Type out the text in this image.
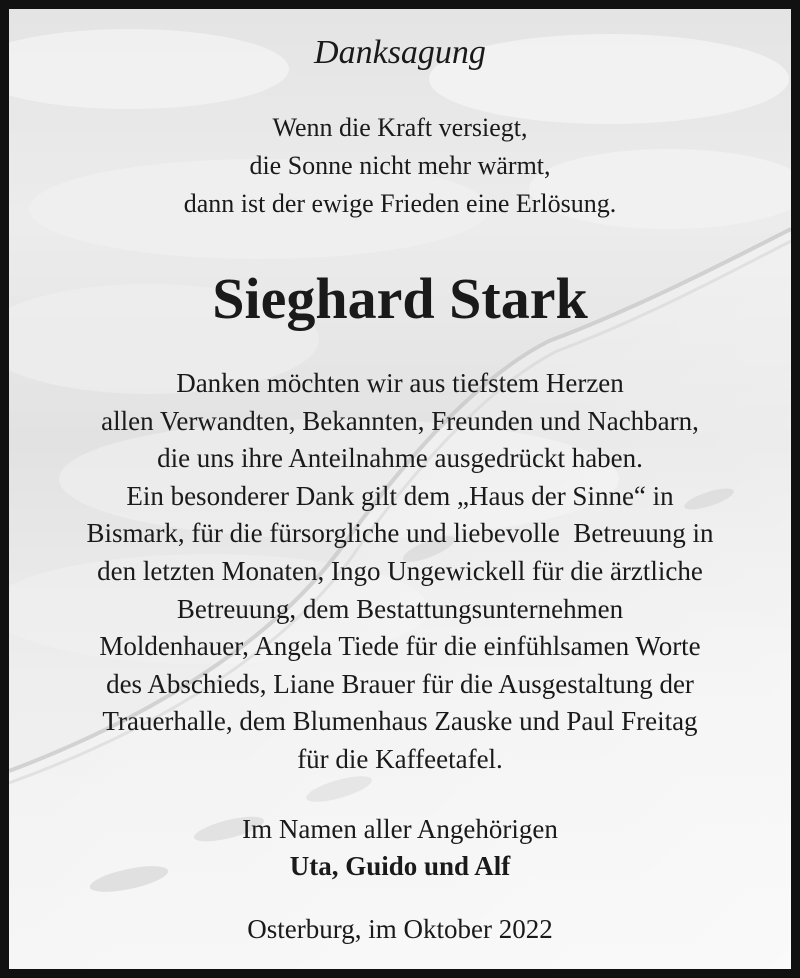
Danksagung
Wenn die Kraft versiegt,
die Sonne nicht mehr wärmt,
dann ist der ewige Frieden eine Erlösung.
Sieghard Stark
Danken möchten wir aus tiefstem Herzen
allen Verwandten, Bekannten, Freunden und Nachbarn,
die uns ihre Anteilnahme ausgedrückt haben.
Ein besonderer Dank gilt dem „Haus der Sinne“ in
Bismark, für die fürsorgliche und liebevolle  Betreuung in
den letzten Monaten, Ingo Ungewickell für die ärztliche
Betreuung, dem Bestattungsunternehmen
Moldenhauer, Angela Tiede für die einfühlsamen Worte
des Abschieds, Liane Brauer für die Ausgestaltung der
Trauerhalle, dem Blumenhaus Zauske und Paul Freitag
für die Kaffeetafel.

Im Namen aller Angehörigen

Uta, Guido und Alf

Osterburg, im Oktober 2022
